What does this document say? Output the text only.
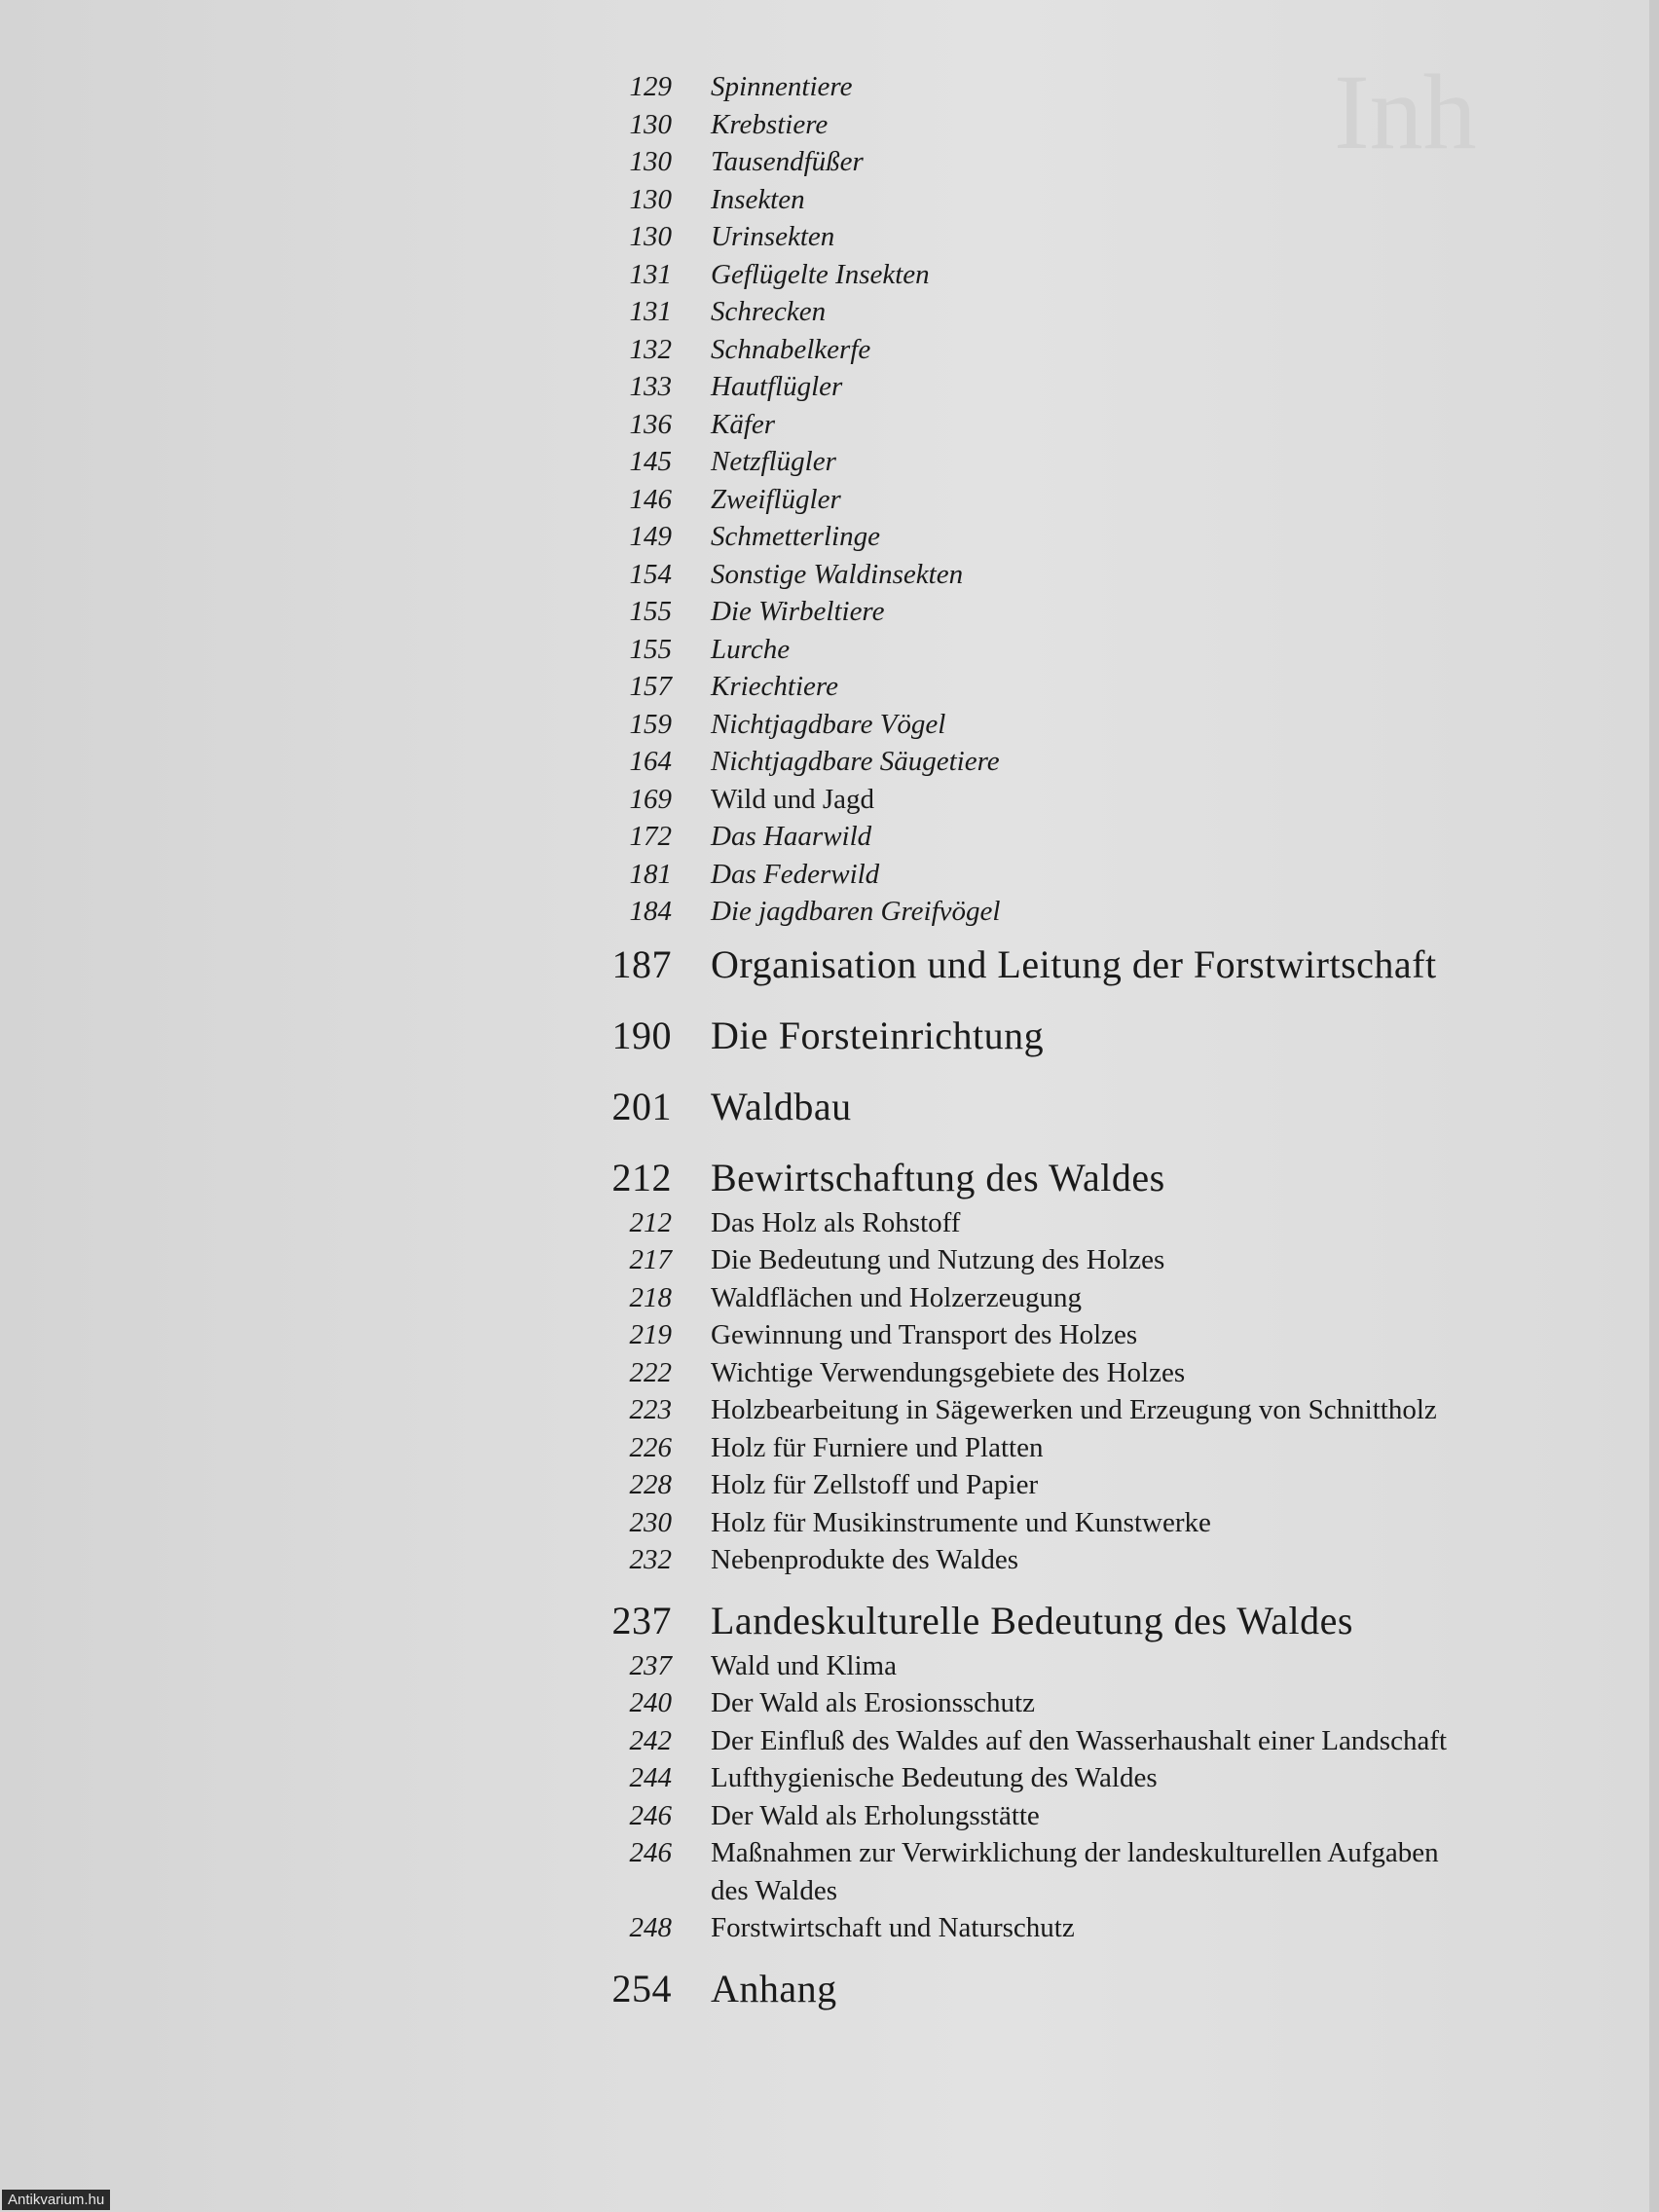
Inh
129 Spinnentiere
130 Krebstiere
130 Tausendfüßer
130 Insekten
130 Urinsekten
131 Geflügelte Insekten
131 Schrecken
132 Schnabelkerfe
133 Hautflügler
136 Käfer
145 Netzflügler
146 Zweiflügler
149 Schmetterlinge
154 Sonstige Waldinsekten
155 Die Wirbeltiere
155 Lurche
157 Kriechtiere
159 Nichtjagdbare Vögel
164 Nichtjagdbare Säugetiere
169 Wild und Jagd
172 Das Haarwild
181 Das Federwild
184 Die jagdbaren Greifvögel
187 Organisation und Leitung der Forstwirtschaft
190 Die Forsteinrichtung
201 Waldbau
212 Bewirtschaftung des Waldes
212 Das Holz als Rohstoff
217 Die Bedeutung und Nutzung des Holzes
218 Waldflächen und Holzerzeugung
219 Gewinnung und Transport des Holzes
222 Wichtige Verwendungsgebiete des Holzes
223 Holzbearbeitung in Sägewerken und Erzeugung von Schnittholz
226 Holz für Furniere und Platten
228 Holz für Zellstoff und Papier
230 Holz für Musikinstrumente und Kunstwerke
232 Nebenprodukte des Waldes
237 Landeskulturelle Bedeutung des Waldes
237 Wald und Klima
240 Der Wald als Erosionsschutz
242 Der Einfluß des Waldes auf den Wasserhaushalt einer Landschaft
244 Lufthygienische Bedeutung des Waldes
246 Der Wald als Erholungsstätte
246 Maßnahmen zur Verwirklichung der landeskulturellen Aufgaben
des Waldes
248 Forstwirtschaft und Naturschutz
254 Anhang
Antikvarium.hu
